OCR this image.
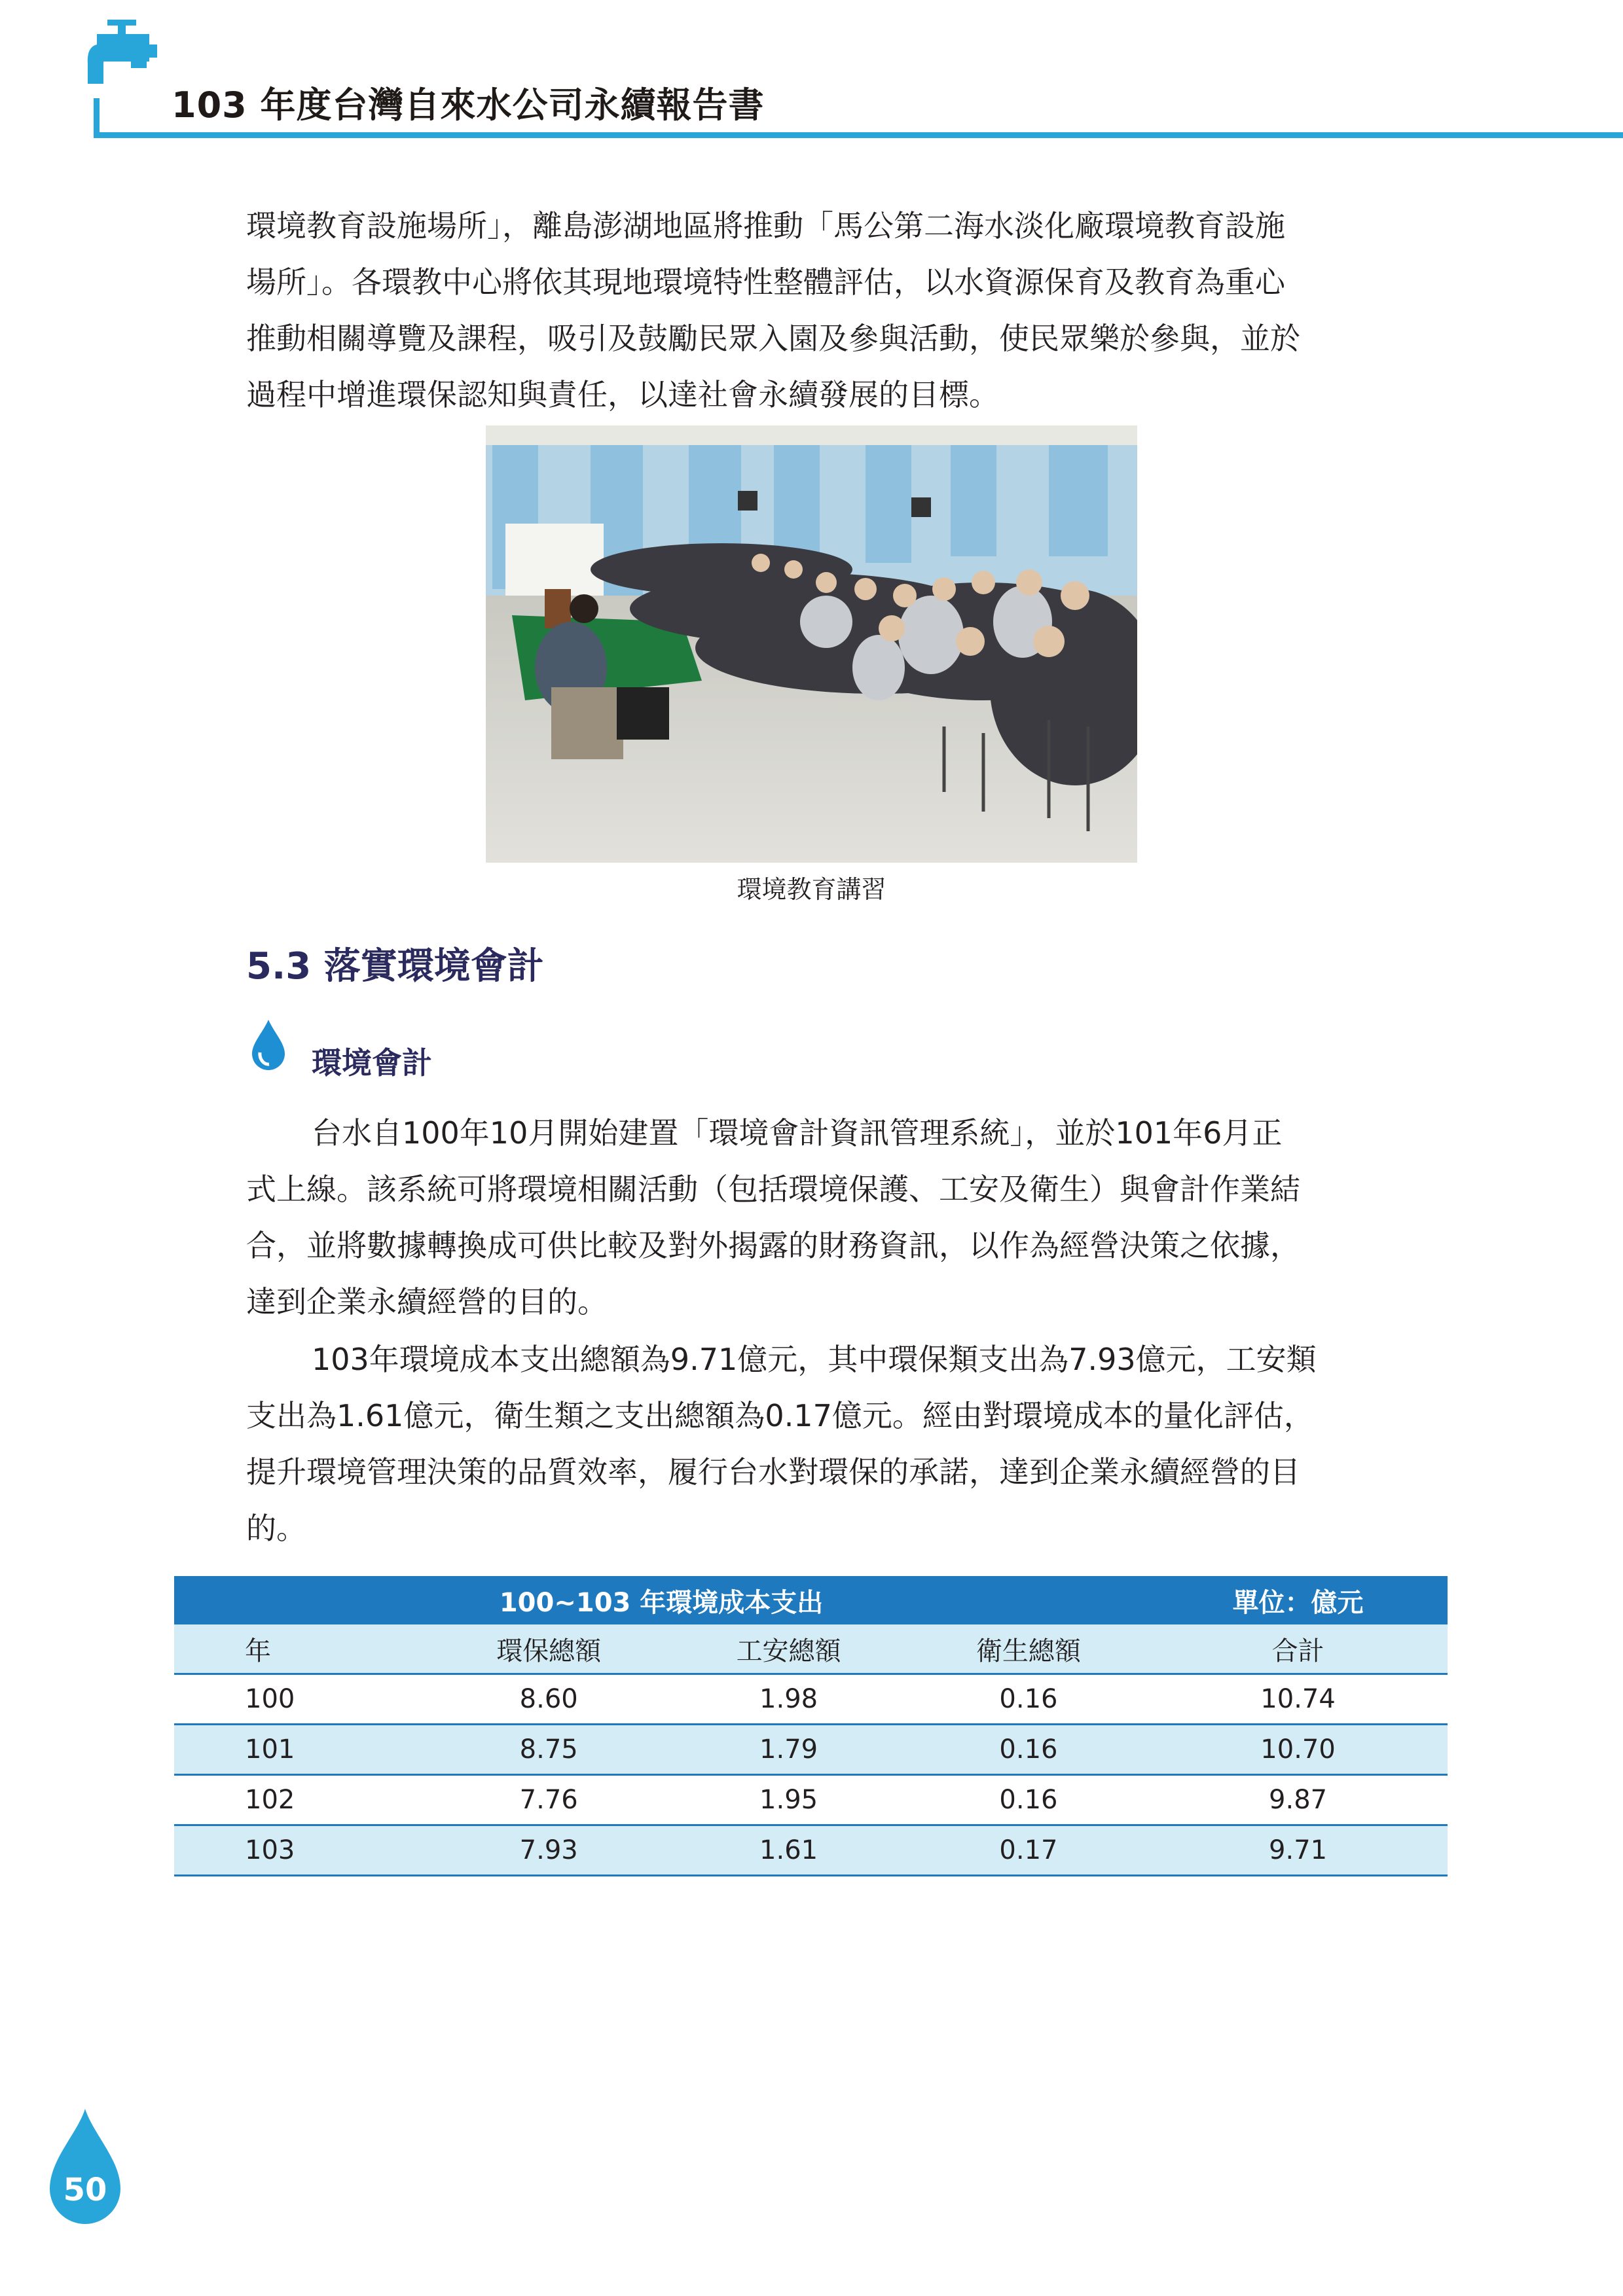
103 年度台灣自來水公司永續報告書
環境教育設施場所」，離島澎湖地區將推動「馬公第二海水淡化廠環境教育設施
場所」。各環教中心將依其現地環境特性整體評估，以水資源保育及教育為重心
推動相關導覽及課程，吸引及鼓勵民眾入園及參與活動，使民眾樂於參與，並於
過程中增進環保認知與責任，以達社會永續發展的目標。
環境教育講習
5.3 落實環境會計
環境會計
台水自100年10月開始建置「環境會計資訊管理系統」，並於101年6月正
式上線。該系統可將環境相關活動（包括環境保護、工安及衛生）與會計作業結
合，並將數據轉換成可供比較及對外揭露的財務資訊，以作為經營決策之依據，
達到企業永續經營的目的。
103年環境成本支出總額為9.71億元，其中環保類支出為7.93億元，工安類
支出為1.61億元，衛生類之支出總額為0.17億元。經由對環境成本的量化評估，
提升環境管理決策的品質效率，履行台水對環保的承諾，達到企業永續經營的目
的。
100~103 年環境成本支出				單位：億元
年	環保總額	工安總額	衛生總額	合計
100	8.60	1.98	0.16	10.74
101	8.75	1.79	0.16	10.70
102	7.76	1.95	0.16	9.87
103	7.93	1.61	0.17	9.71
50
